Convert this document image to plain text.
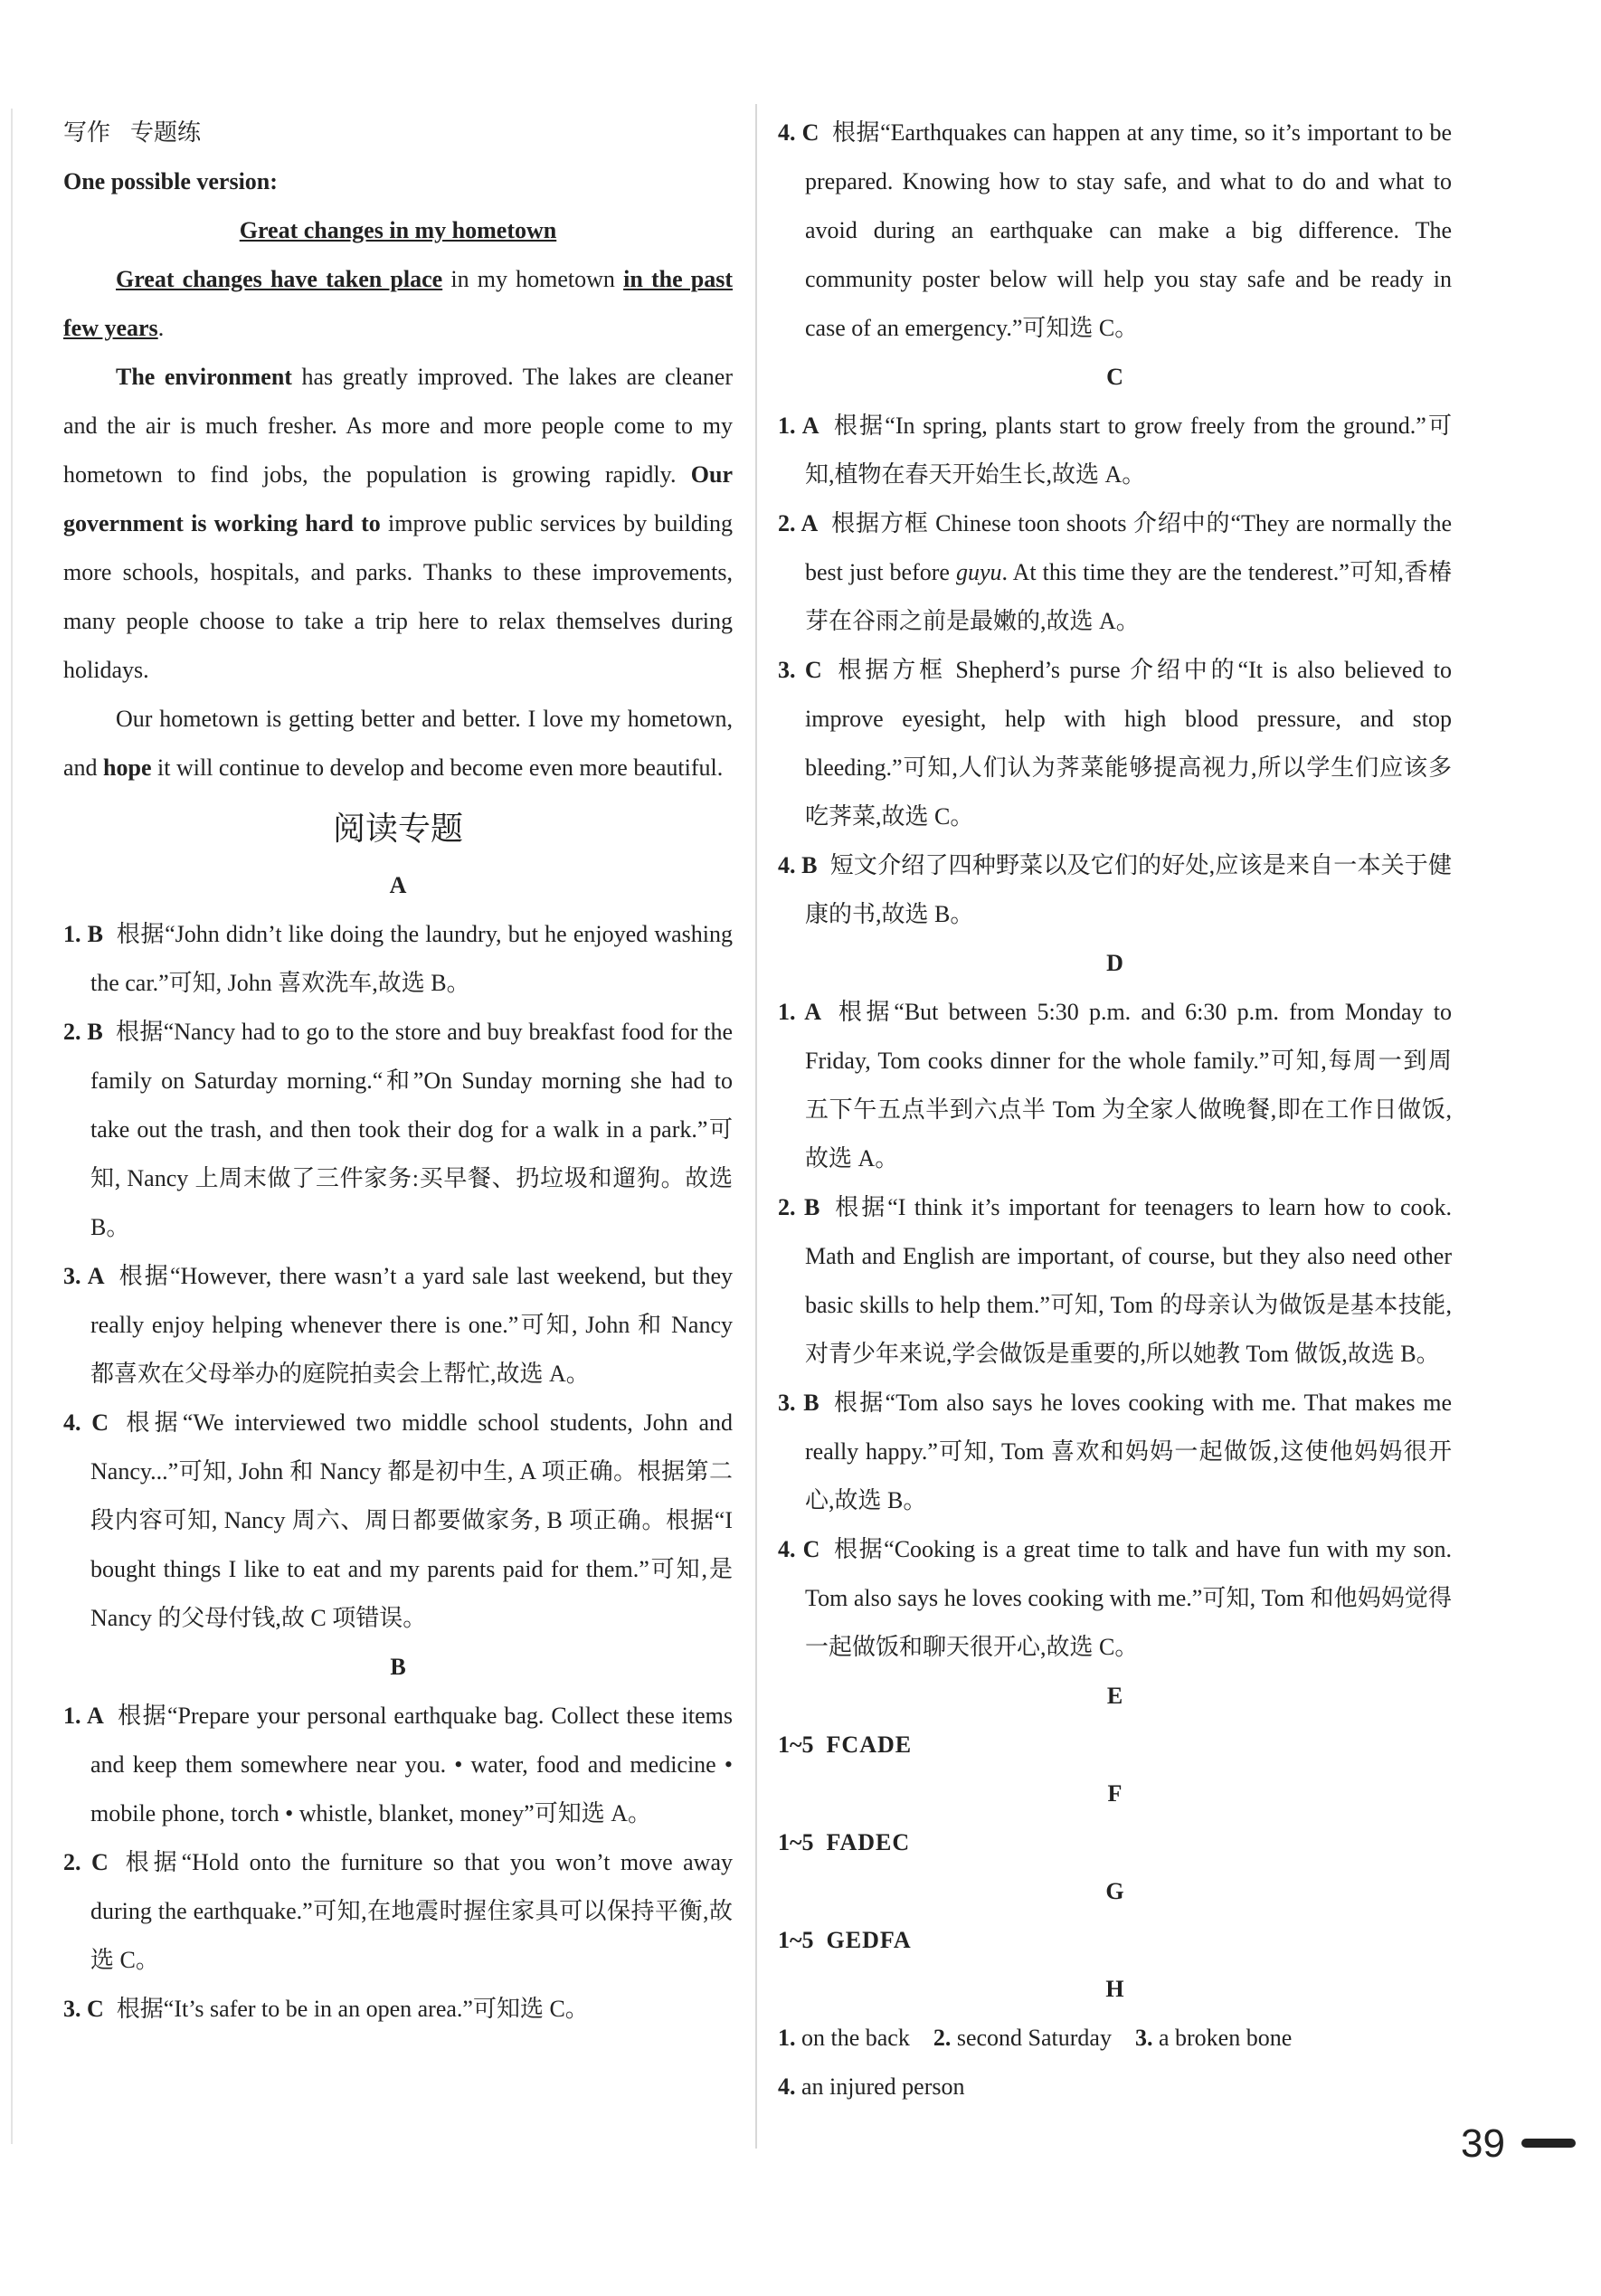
写作 专题练

One possible version:

Great changes in my hometown

Great changes have taken place in my hometown in the past few years.

The environment has greatly improved. The lakes are cleaner and the air is much fresher. As more and more people come to my hometown to find jobs, the population is growing rapidly. Our government is working hard to improve public services by building more schools, hospitals, and parks. Thanks to these improvements, many people choose to take a trip here to relax themselves during holidays.

Our hometown is getting better and better. I love my hometown, and hope it will continue to develop and become even more beautiful.

阅读专题

A

1. B 根据“John didn’t like doing the laundry, but he enjoyed washing the car.”可知, John 喜欢洗车,故选 B。

2. B 根据“Nancy had to go to the store and buy breakfast food for the family on Saturday morning.“和”On Sunday morning she had to take out the trash, and then took their dog for a walk in a park.”可知, Nancy 上周末做了三件家务:买早餐、扔垃圾和遛狗。故选 B。

3. A 根据“However, there wasn’t a yard sale last weekend, but they really enjoy helping whenever there is one.”可知, John 和 Nancy 都喜欢在父母举办的庭院拍卖会上帮忙,故选 A。

4. C 根据“We interviewed two middle school students, John and Nancy...”可知, John 和 Nancy 都是初中生, A 项正确。根据第二段内容可知, Nancy 周六、周日都要做家务, B 项正确。根据“I bought things I like to eat and my parents paid for them.”可知,是 Nancy 的父母付钱,故 C 项错误。

B

1. A 根据“Prepare your personal earthquake bag. Collect these items and keep them somewhere near you. • water, food and medicine • mobile phone, torch • whistle, blanket, money”可知选 A。

2. C 根据“Hold onto the furniture so that you won’t move away during the earthquake.”可知,在地震时握住家具可以保持平衡,故选 C。

3. C 根据“It’s safer to be in an open area.”可知选 C。

4. C 根据“Earthquakes can happen at any time, so it’s important to be prepared. Knowing how to stay safe, and what to do and what to avoid during an earthquake can make a big difference. The community poster below will help you stay safe and be ready in case of an emergency.”可知选 C。

C

1. A 根据“In spring, plants start to grow freely from the ground.”可知,植物在春天开始生长,故选 A。

2. A 根据方框 Chinese toon shoots 介绍中的“They are normally the best just before guyu. At this time they are the tenderest.”可知,香椿芽在谷雨之前是最嫩的,故选 A。

3. C 根据方框 Shepherd’s purse 介绍中的“It is also believed to improve eyesight, help with high blood pressure, and stop bleeding.”可知,人们认为荠菜能够提高视力,所以学生们应该多吃荠菜,故选 C。

4. B 短文介绍了四种野菜以及它们的好处,应该是来自一本关于健康的书,故选 B。

D

1. A 根据“But between 5:30 p.m. and 6:30 p.m. from Monday to Friday, Tom cooks dinner for the whole family.”可知,每周一到周五下午五点半到六点半 Tom 为全家人做晚餐,即在工作日做饭,故选 A。

2. B 根据“I think it’s important for teenagers to learn how to cook. Math and English are important, of course, but they also need other basic skills to help them.”可知, Tom 的母亲认为做饭是基本技能,对青少年来说,学会做饭是重要的,所以她教 Tom 做饭,故选 B。

3. B 根据“Tom also says he loves cooking with me. That makes me really happy.”可知, Tom 喜欢和妈妈一起做饭,这使他妈妈很开心,故选 B。

4. C 根据“Cooking is a great time to talk and have fun with my son. Tom also says he loves cooking with me.”可知, Tom 和他妈妈觉得一起做饭和聊天很开心,故选 C。

E

1~5 FCADE

F

1~5 FADEC

G

1~5 GEDFA

H

1. on the back 2. second Saturday 3. a broken bone

4. an injured person

39
